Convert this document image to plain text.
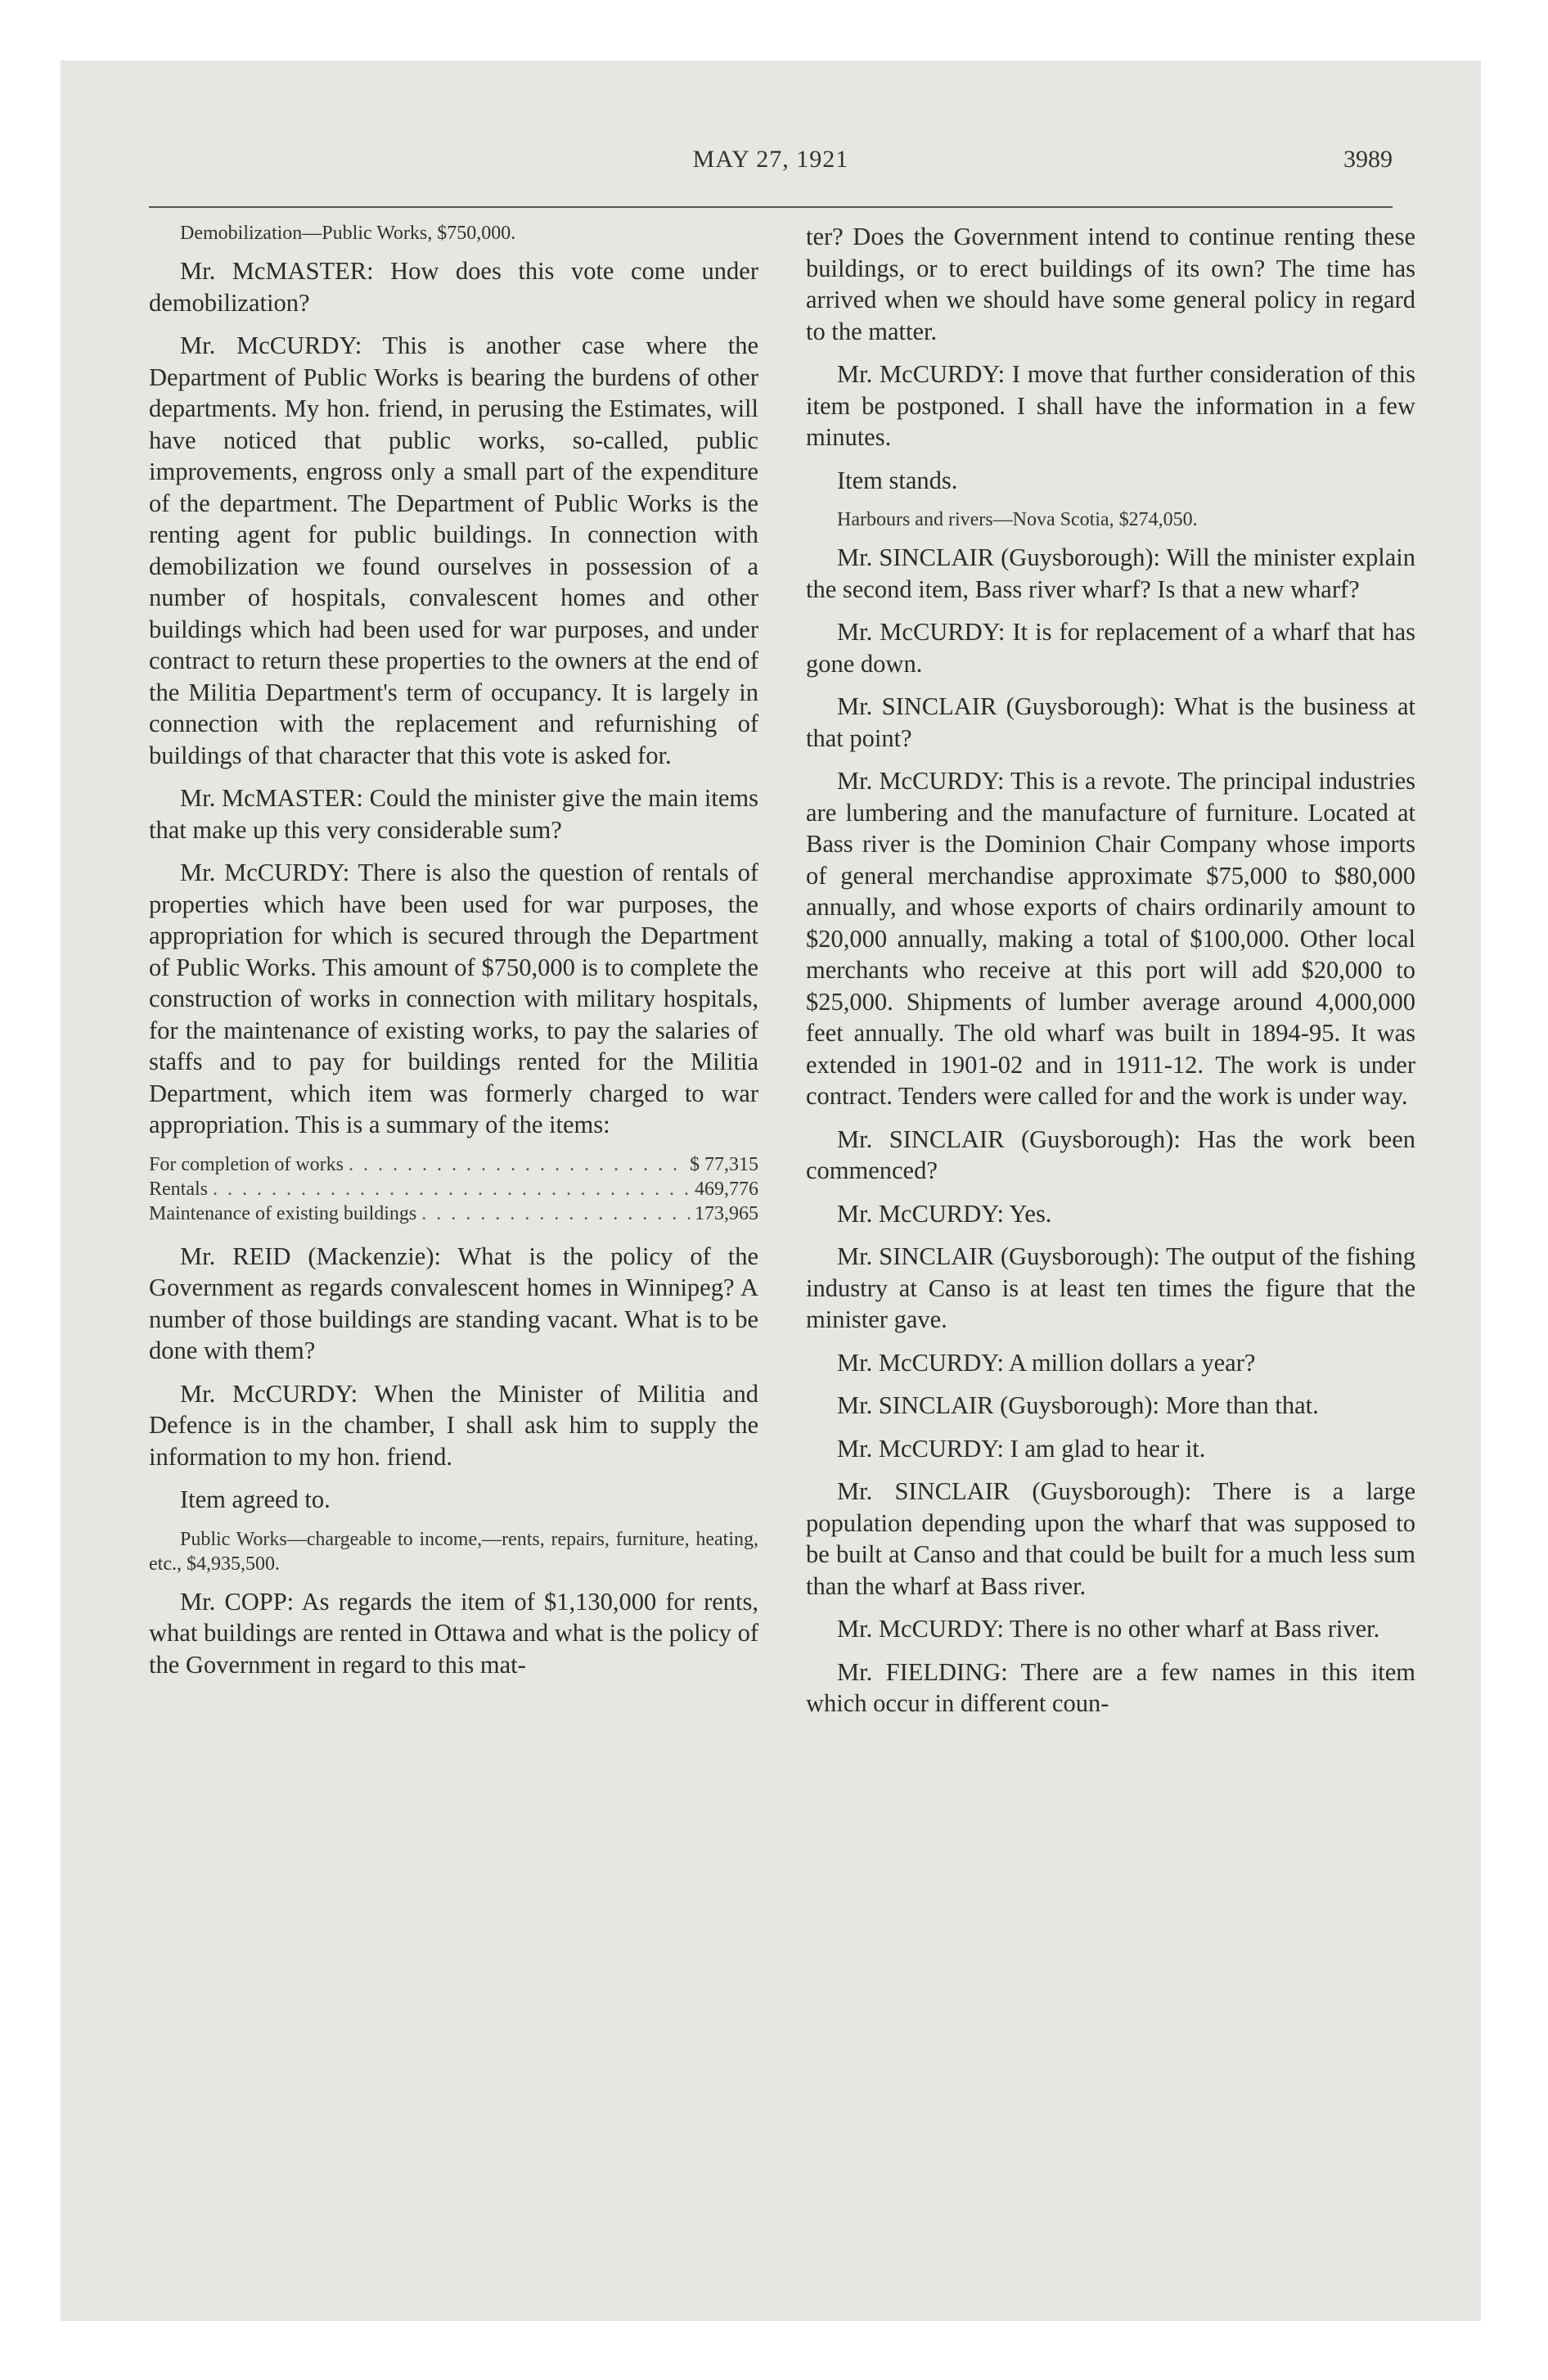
MAY 27, 1921	3989

Demobilization—Public Works, $750,000.

Mr. McMASTER: How does this vote come under demobilization?

Mr. McCURDY: This is another case where the Department of Public Works is bearing the burdens of other departments. My hon. friend, in perusing the Estimates, will have noticed that public works, so-called, public improvements, engross only a small part of the expenditure of the department. The Department of Public Works is the renting agent for public buildings. In connection with demobilization we found ourselves in possession of a number of hospitals, convalescent homes and other buildings which had been used for war purposes, and under contract to return these properties to the owners at the end of the Militia Department's term of occupancy. It is largely in connection with the replacement and refurnishing of buildings of that character that this vote is asked for.

Mr. McMASTER: Could the minister give the main items that make up this very considerable sum?

Mr. McCURDY: There is also the question of rentals of properties which have been used for war purposes, the appropriation for which is secured through the Department of Public Works. This amount of $750,000 is to complete the construction of works in connection with military hospitals, for the maintenance of existing works, to pay the salaries of staffs and to pay for buildings rented for the Militia Department, which item was formerly charged to war appropriation. This is a summary of the items:

For completion of works . . .	$ 77,315
Rentals . . .	469,776
Maintenance of existing buildings . . .	173,965

Mr. REID (Mackenzie): What is the policy of the Government as regards convalescent homes in Winnipeg? A number of those buildings are standing vacant. What is to be done with them?

Mr. McCURDY: When the Minister of Militia and Defence is in the chamber, I shall ask him to supply the information to my hon. friend.

Item agreed to.

Public Works—chargeable to income,—rents, repairs, furniture, heating, etc., $4,935,500.

Mr. COPP: As regards the item of $1,130,000 for rents, what buildings are rented in Ottawa and what is the policy of the Government in regard to this mat-

ter? Does the Government intend to continue renting these buildings, or to erect buildings of its own? The time has arrived when we should have some general policy in regard to the matter.

Mr. McCURDY: I move that further consideration of this item be postponed. I shall have the information in a few minutes.

Item stands.

Harbours and rivers—Nova Scotia, $274,050.

Mr. SINCLAIR (Guysborough): Will the minister explain the second item, Bass river wharf? Is that a new wharf?

Mr. McCURDY: It is for replacement of a wharf that has gone down.

Mr. SINCLAIR (Guysborough): What is the business at that point?

Mr. McCURDY: This is a revote. The principal industries are lumbering and the manufacture of furniture. Located at Bass river is the Dominion Chair Company whose imports of general merchandise approximate $75,000 to $80,000 annually, and whose exports of chairs ordinarily amount to $20,000 annually, making a total of $100,000. Other local merchants who receive at this port will add $20,000 to $25,000. Shipments of lumber average around 4,000,000 feet annually. The old wharf was built in 1894-95. It was extended in 1901-02 and in 1911-12. The work is under contract. Tenders were called for and the work is under way.

Mr. SINCLAIR (Guysborough): Has the work been commenced?

Mr. McCURDY: Yes.

Mr. SINCLAIR (Guysborough): The output of the fishing industry at Canso is at least ten times the figure that the minister gave.

Mr. McCURDY: A million dollars a year?

Mr. SINCLAIR (Guysborough): More than that.

Mr. McCURDY: I am glad to hear it.

Mr. SINCLAIR (Guysborough): There is a large population depending upon the wharf that was supposed to be built at Canso and that could be built for a much less sum than the wharf at Bass river.

Mr. McCURDY: There is no other wharf at Bass river.

Mr. FIELDING: There are a few names in this item which occur in different coun-
